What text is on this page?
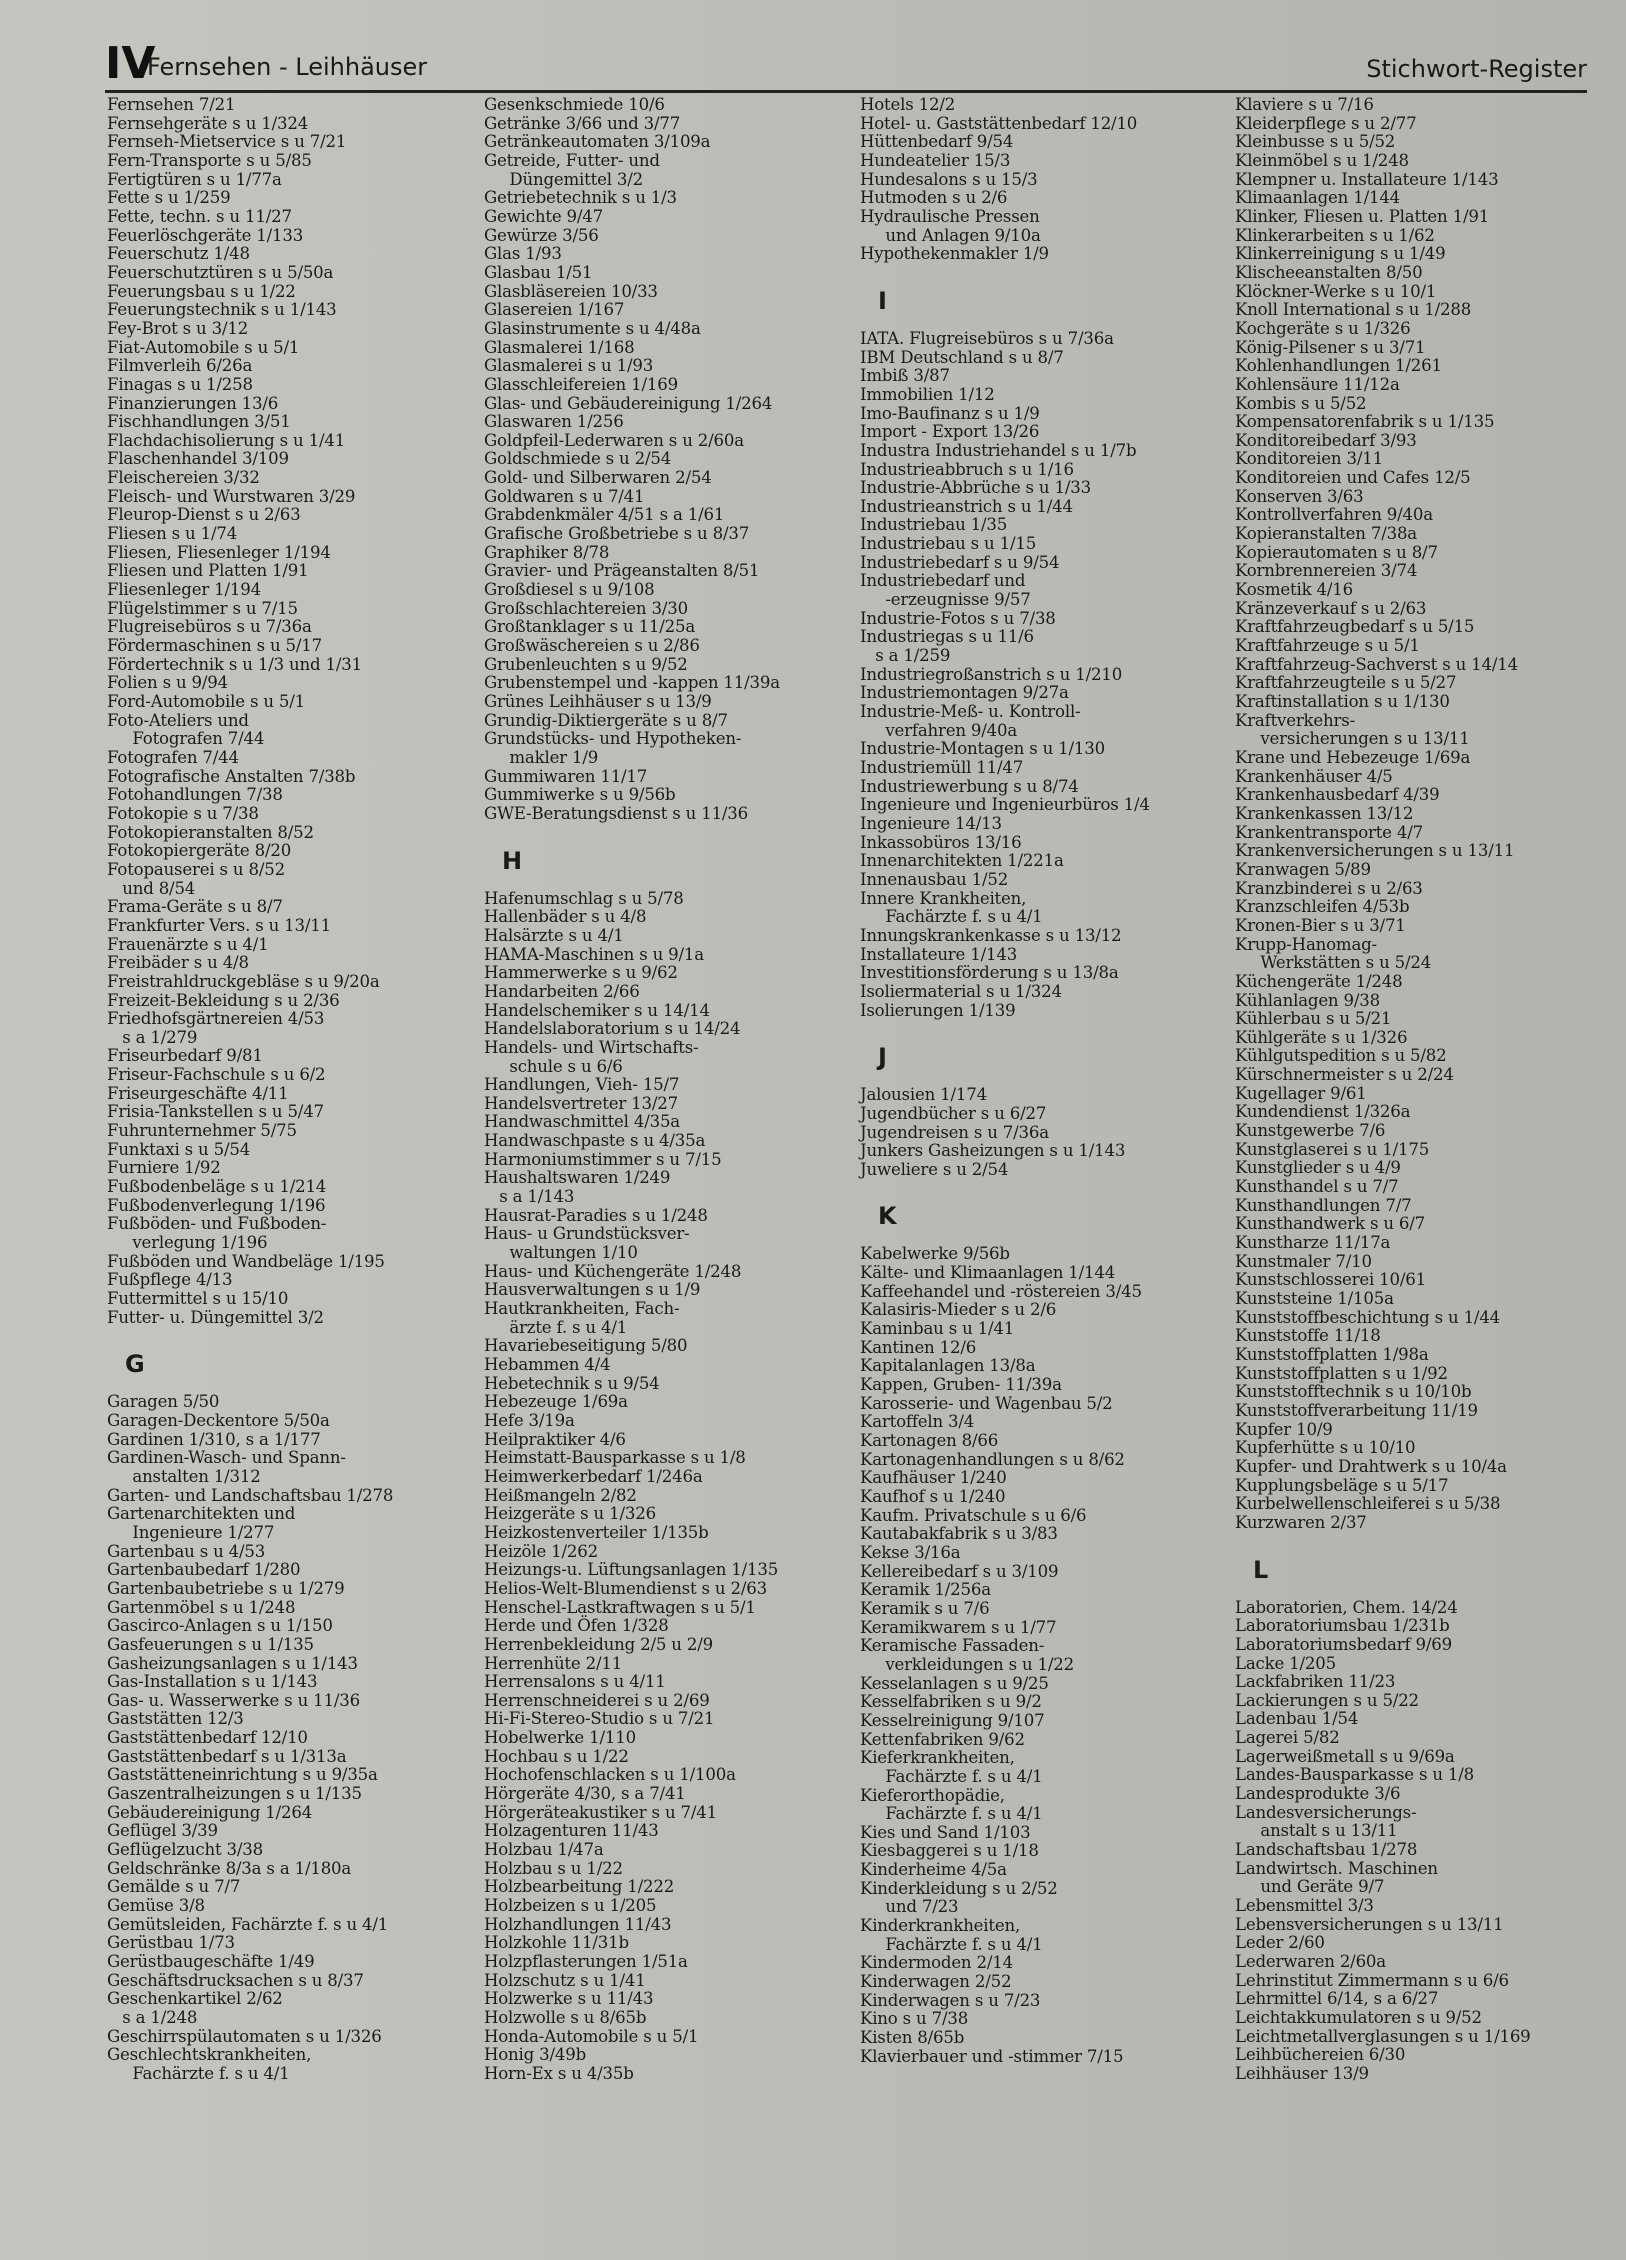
IV
Fernsehen - Leihhäuser	Stichwort-Register
Fernsehen 7/21
Fernsehgeräte s u 1/324
Fernseh-Mietservice s u 7/21
Fern-Transporte s u 5/85
Fertigtüren s u 1/77a
Fette s u 1/259
Fette, techn. s u 11/27
Feuerlöschgeräte 1/133
Feuerschutz 1/48
Feuerschutztüren s u 5/50a
Feuerungsbau s u 1/22
Feuerungstechnik s u 1/143
Fey-Brot s u 3/12
Fiat-Automobile s u 5/1
Filmverleih 6/26a
Finagas s u 1/258
Finanzierungen 13/6
Fischhandlungen 3/51
Flachdachisolierung s u 1/41
Flaschenhandel 3/109
Fleischereien 3/32
Fleisch- und Wurstwaren 3/29
Fleurop-Dienst s u 2/63
Fliesen s u 1/74
Fliesen, Fliesenleger 1/194
Fliesen und Platten 1/91
Fliesenleger 1/194
Flügelstimmer s u 7/15
Flugreisebüros s u 7/36a
Fördermaschinen s u 5/17
Fördertechnik s u 1/3 und 1/31
Folien s u 9/94
Ford-Automobile s u 5/1
Foto-Ateliers und
Fotografen 7/44
Fotografen 7/44
Fotografische Anstalten 7/38b
Fotohandlungen 7/38
Fotokopie s u 7/38
Fotokopieranstalten 8/52
Fotokopiergeräte 8/20
Fotopauserei s u 8/52
und 8/54
Frama-Geräte s u 8/7
Frankfurter Vers. s u 13/11
Frauenärzte s u 4/1
Freibäder s u 4/8
Freistrahldruckgebläse s u 9/20a
Freizeit-Bekleidung s u 2/36
Friedhofsgärtnereien 4/53
s a 1/279
Friseurbedarf 9/81
Friseur-Fachschule s u 6/2
Friseurgeschäfte 4/11
Frisia-Tankstellen s u 5/47
Fuhrunternehmer 5/75
Funktaxi s u 5/54
Furniere 1/92
Fußbodenbeläge s u 1/214
Fußbodenverlegung 1/196
Fußböden- und Fußboden-
verlegung 1/196
Fußböden und Wandbeläge 1/195
Fußpflege 4/13
Futtermittel s u 15/10
Futter- u. Düngemittel 3/2
G
Garagen 5/50
Garagen-Deckentore 5/50a
Gardinen 1/310, s a 1/177
Gardinen-Wasch- und Spann-
anstalten 1/312
Garten- und Landschaftsbau 1/278
Gartenarchitekten und
Ingenieure 1/277
Gartenbau s u 4/53
Gartenbaubedarf 1/280
Gartenbaubetriebe s u 1/279
Gartenmöbel s u 1/248
Gascirco-Anlagen s u 1/150
Gasfeuerungen s u 1/135
Gasheizungsanlagen s u 1/143
Gas-Installation s u 1/143
Gas- u. Wasserwerke s u 11/36
Gaststätten 12/3
Gaststättenbedarf 12/10
Gaststättenbedarf s u 1/313a
Gaststätteneinrichtung s u 9/35a
Gaszentralheizungen s u 1/135
Gebäudereinigung 1/264
Geflügel 3/39
Geflügelzucht 3/38
Geldschränke 8/3a s a 1/180a
Gemälde s u 7/7
Gemüse 3/8
Gemütsleiden, Fachärzte f. s u 4/1
Gerüstbau 1/73
Gerüstbaugeschäfte 1/49
Geschäftsdrucksachen s u 8/37
Geschenkartikel 2/62
s a 1/248
Geschirrspülautomaten s u 1/326
Geschlechtskrankheiten,
Fachärzte f. s u 4/1
Gesenkschmiede 10/6
Getränke 3/66 und 3/77
Getränkeautomaten 3/109a
Getreide, Futter- und
Düngemittel 3/2
Getriebetechnik s u 1/3
Gewichte 9/47
Gewürze 3/56
Glas 1/93
Glasbau 1/51
Glasbläsereien 10/33
Glasereien 1/167
Glasinstrumente s u 4/48a
Glasmalerei 1/168
Glasmalerei s u 1/93
Glasschleifereien 1/169
Glas- und Gebäudereinigung 1/264
Glaswaren 1/256
Goldpfeil-Lederwaren s u 2/60a
Goldschmiede s u 2/54
Gold- und Silberwaren 2/54
Goldwaren s u 7/41
Grabdenkmäler 4/51 s a 1/61
Grafische Großbetriebe s u 8/37
Graphiker 8/78
Gravier- und Prägeanstalten 8/51
Großdiesel s u 9/108
Großschlachtereien 3/30
Großtanklager s u 11/25a
Großwäschereien s u 2/86
Grubenleuchten s u 9/52
Grubenstempel und -kappen 11/39a
Grünes Leihhäuser s u 13/9
Grundig-Diktiergeräte s u 8/7
Grundstücks- und Hypotheken-
makler 1/9
Gummiwaren 11/17
Gummiwerke s u 9/56b
GWE-Beratungsdienst s u 11/36
H
Hafenumschlag s u 5/78
Hallenbäder s u 4/8
Halsärzte s u 4/1
HAMA-Maschinen s u 9/1a
Hammerwerke s u 9/62
Handarbeiten 2/66
Handelschemiker s u 14/14
Handelslaboratorium s u 14/24
Handels- und Wirtschafts-
schule s u 6/6
Handlungen, Vieh- 15/7
Handelsvertreter 13/27
Handwaschmittel 4/35a
Handwaschpaste s u 4/35a
Harmoniumstimmer s u 7/15
Haushaltswaren 1/249
s a 1/143
Hausrat-Paradies s u 1/248
Haus- u Grundstücksver-
waltungen 1/10
Haus- und Küchengeräte 1/248
Hausverwaltungen s u 1/9
Hautkrankheiten, Fach-
ärzte f. s u 4/1
Havariebeseitigung 5/80
Hebammen 4/4
Hebetechnik s u 9/54
Hebezeuge 1/69a
Hefe 3/19a
Heilpraktiker 4/6
Heimstatt-Bausparkasse s u 1/8
Heimwerkerbedarf 1/246a
Heißmangeln 2/82
Heizgeräte s u 1/326
Heizkostenverteiler 1/135b
Heizöle 1/262
Heizungs-u. Lüftungsanlagen 1/135
Helios-Welt-Blumendienst s u 2/63
Henschel-Lastkraftwagen s u 5/1
Herde und Öfen 1/328
Herrenbekleidung 2/5 u 2/9
Herrenhüte 2/11
Herrensalons s u 4/11
Herrenschneiderei s u 2/69
Hi-Fi-Stereo-Studio s u 7/21
Hobelwerke 1/110
Hochbau s u 1/22
Hochofenschlacken s u 1/100a
Hörgeräte 4/30, s a 7/41
Hörgeräteakustiker s u 7/41
Holzagenturen 11/43
Holzbau 1/47a
Holzbau s u 1/22
Holzbearbeitung 1/222
Holzbeizen s u 1/205
Holzhandlungen 11/43
Holzkohle 11/31b
Holzpflasterungen 1/51a
Holzschutz s u 1/41
Holzwerke s u 11/43
Holzwolle s u 8/65b
Honda-Automobile s u 5/1
Honig 3/49b
Horn-Ex s u 4/35b
Hotels 12/2
Hotel- u. Gaststättenbedarf 12/10
Hüttenbedarf 9/54
Hundeatelier 15/3
Hundesalons s u 15/3
Hutmoden s u 2/6
Hydraulische Pressen
und Anlagen 9/10a
Hypothekenmakler 1/9
I
IATA. Flugreisebüros s u 7/36a
IBM Deutschland s u 8/7
Imbiß 3/87
Immobilien 1/12
Imo-Baufinanz s u 1/9
Import - Export 13/26
Industra Industriehandel s u 1/7b
Industrieabbruch s u 1/16
Industrie-Abbrüche s u 1/33
Industrieanstrich s u 1/44
Industriebau 1/35
Industriebau s u 1/15
Industriebedarf s u 9/54
Industriebedarf und
-erzeugnisse 9/57
Industrie-Fotos s u 7/38
Industriegas s u 11/6
s a 1/259
Industriegroßanstrich s u 1/210
Industriemontagen 9/27a
Industrie-Meß- u. Kontroll-
verfahren 9/40a
Industrie-Montagen s u 1/130
Industriemüll 11/47
Industriewerbung s u 8/74
Ingenieure und Ingenieurbüros 1/4
Ingenieure 14/13
Inkassobüros 13/16
Innenarchitekten 1/221a
Innenausbau 1/52
Innere Krankheiten,
Fachärzte f. s u 4/1
Innungskrankenkasse s u 13/12
Installateure 1/143
Investitionsförderung s u 13/8a
Isoliermaterial s u 1/324
Isolierungen 1/139
J
Jalousien 1/174
Jugendbücher s u 6/27
Jugendreisen s u 7/36a
Junkers Gasheizungen s u 1/143
Juweliere s u 2/54
K
Kabelwerke 9/56b
Kälte- und Klimaanlagen 1/144
Kaffeehandel und -röstereien 3/45
Kalasiris-Mieder s u 2/6
Kaminbau s u 1/41
Kantinen 12/6
Kapitalanlagen 13/8a
Kappen, Gruben- 11/39a
Karosserie- und Wagenbau 5/2
Kartoffeln 3/4
Kartonagen 8/66
Kartonagenhandlungen s u 8/62
Kaufhäuser 1/240
Kaufhof s u 1/240
Kaufm. Privatschule s u 6/6
Kautabakfabrik s u 3/83
Kekse 3/16a
Kellereibedarf s u 3/109
Keramik 1/256a
Keramik s u 7/6
Keramikwarem s u 1/77
Keramische Fassaden-
verkleidungen s u 1/22
Kesselanlagen s u 9/25
Kesselfabriken s u 9/2
Kesselreinigung 9/107
Kettenfabriken 9/62
Kieferkrankheiten,
Fachärzte f. s u 4/1
Kieferorthopädie,
Fachärzte f. s u 4/1
Kies und Sand 1/103
Kiesbaggerei s u 1/18
Kinderheime 4/5a
Kinderkleidung s u 2/52
und 7/23
Kinderkrankheiten,
Fachärzte f. s u 4/1
Kindermoden 2/14
Kinderwagen 2/52
Kinderwagen s u 7/23
Kino s u 7/38
Kisten 8/65b
Klavierbauer und -stimmer 7/15
Klaviere s u 7/16
Kleiderpflege s u 2/77
Kleinbusse s u 5/52
Kleinmöbel s u 1/248
Klempner u. Installateure 1/143
Klimaanlagen 1/144
Klinker, Fliesen u. Platten 1/91
Klinkerarbeiten s u 1/62
Klinkerreinigung s u 1/49
Klischeeanstalten 8/50
Klöckner-Werke s u 10/1
Knoll International s u 1/288
Kochgeräte s u 1/326
König-Pilsener s u 3/71
Kohlenhandlungen 1/261
Kohlensäure 11/12a
Kombis s u 5/52
Kompensatorenfabrik s u 1/135
Konditoreibedarf 3/93
Konditoreien 3/11
Konditoreien und Cafes 12/5
Konserven 3/63
Kontrollverfahren 9/40a
Kopieranstalten 7/38a
Kopierautomaten s u 8/7
Kornbrennereien 3/74
Kosmetik 4/16
Kränzeverkauf s u 2/63
Kraftfahrzeugbedarf s u 5/15
Kraftfahrzeuge s u 5/1
Kraftfahrzeug-Sachverst s u 14/14
Kraftfahrzeugteile s u 5/27
Kraftinstallation s u 1/130
Kraftverkehrs-
versicherungen s u 13/11
Krane und Hebezeuge 1/69a
Krankenhäuser 4/5
Krankenhausbedarf 4/39
Krankenkassen 13/12
Krankentransporte 4/7
Krankenversicherungen s u 13/11
Kranwagen 5/89
Kranzbinderei s u 2/63
Kranzschleifen 4/53b
Kronen-Bier s u 3/71
Krupp-Hanomag-
Werkstätten s u 5/24
Küchengeräte 1/248
Kühlanlagen 9/38
Kühlerbau s u 5/21
Kühlgeräte s u 1/326
Kühlgutspedition s u 5/82
Kürschnermeister s u 2/24
Kugellager 9/61
Kundendienst 1/326a
Kunstgewerbe 7/6
Kunstglaserei s u 1/175
Kunstglieder s u 4/9
Kunsthandel s u 7/7
Kunsthandlungen 7/7
Kunsthandwerk s u 6/7
Kunstharze 11/17a
Kunstmaler 7/10
Kunstschlosserei 10/61
Kunststeine 1/105a
Kunststoffbeschichtung s u 1/44
Kunststoffe 11/18
Kunststoffplatten 1/98a
Kunststoffplatten s u 1/92
Kunststofftechnik s u 10/10b
Kunststoffverarbeitung 11/19
Kupfer 10/9
Kupferhütte s u 10/10
Kupfer- und Drahtwerk s u 10/4a
Kupplungsbeläge s u 5/17
Kurbelwellenschleiferei s u 5/38
Kurzwaren 2/37
L
Laboratorien, Chem. 14/24
Laboratoriumsbau 1/231b
Laboratoriumsbedarf 9/69
Lacke 1/205
Lackfabriken 11/23
Lackierungen s u 5/22
Ladenbau 1/54
Lagerei 5/82
Lagerweißmetall s u 9/69a
Landes-Bausparkasse s u 1/8
Landesprodukte 3/6
Landesversicherungs-
anstalt s u 13/11
Landschaftsbau 1/278
Landwirtsch. Maschinen
und Geräte 9/7
Lebensmittel 3/3
Lebensversicherungen s u 13/11
Leder 2/60
Lederwaren 2/60a
Lehrinstitut Zimmermann s u 6/6
Lehrmittel 6/14, s a 6/27
Leichtakkumulatoren s u 9/52
Leichtmetallverglasungen s u 1/169
Leihbüchereien 6/30
Leihhäuser 13/9
